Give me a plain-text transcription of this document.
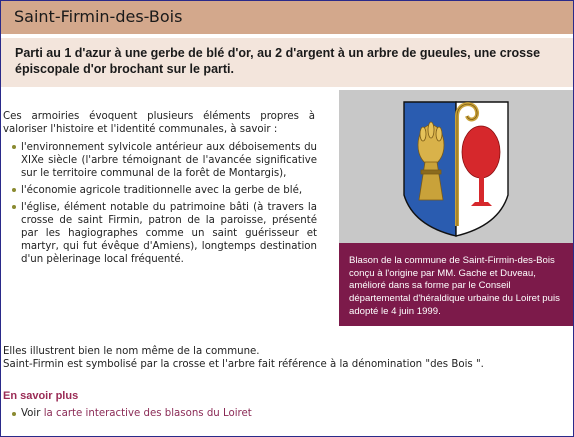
Saint-Firmin-des-Bois
Parti au 1 d'azur à une gerbe de blé d'or, au 2 d'argent à un arbre de gueules, une crosse épiscopale d'or brochant sur le parti.
Ces armoiries évoquent plusieurs éléments propres à valoriser l'histoire et l'identité communales, à savoir :
l'environnement sylvicole antérieur aux déboisements du XIXe siècle (l'arbre témoignant de l'avancée significative sur le territoire communal de la forêt de Montargis),
l'économie agricole traditionnelle avec la gerbe de blé,
l'église, élément notable du patrimoine bâti (à travers la crosse de saint Firmin, patron de la paroisse, présenté par les hagiographes comme un saint guérisseur et martyr, qui fut évêque d'Amiens), longtemps destination d'un pèlerinage local fréquenté.	Blason de la commune de Saint-Firmin-des-Bois conçu à l'origine par MM. Gache et Duveau, amélioré dans sa forme par le Conseil départemental d'héraldique urbaine du Loiret puis adopté le 4 juin 1999.
Elles illustrent bien le nom même de la commune.
Saint-Firmin est symbolisé par la crosse et l'arbre fait référence à la dénomination "des Bois ".
En savoir plus
Voir la carte interactive des blasons du Loiret
